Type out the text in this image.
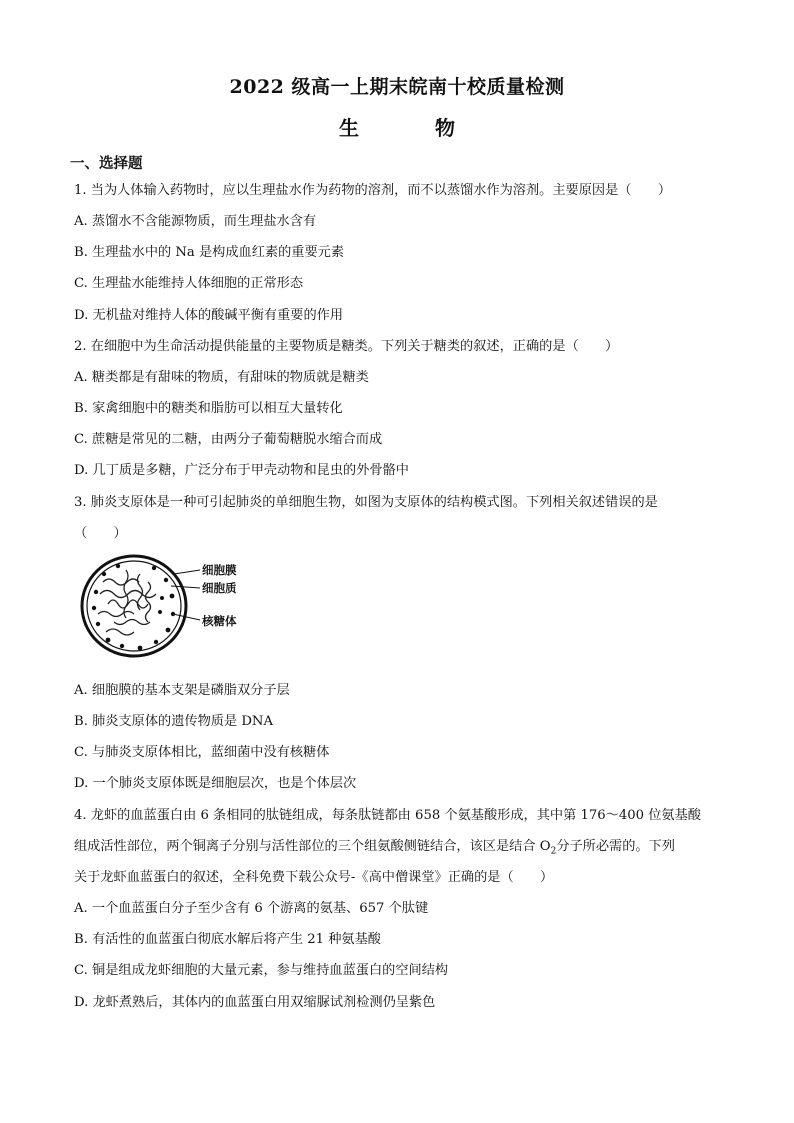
2022 级高一上期末皖南十校质量检测
生　物
一、选择题
1. 当为人体输入药物时，应以生理盐水作为药物的溶剂，而不以蒸馏水作为溶剂。主要原因是（　　）
A. 蒸馏水不含能源物质，而生理盐水含有
B. 生理盐水中的 Na 是构成血红素的重要元素
C. 生理盐水能维持人体细胞的正常形态
D. 无机盐对维持人体的酸碱平衡有重要的作用
2. 在细胞中为生命活动提供能量的主要物质是糖类。下列关于糖类的叙述，正确的是（　　）
A. 糖类都是有甜味的物质，有甜味的物质就是糖类
B. 家禽细胞中的糖类和脂肪可以相互大量转化
C. 蔗糖是常见的二糖，由两分子葡萄糖脱水缩合而成
D. 几丁质是多糖，广泛分布于甲壳动物和昆虫的外骨骼中
3. 肺炎支原体是一种可引起肺炎的单细胞生物，如图为支原体的结构模式图。下列相关叙述错误的是
（　　）
细胞膜
细胞质
核糖体
A. 细胞膜的基本支架是磷脂双分子层
B. 肺炎支原体的遗传物质是 DNA
C. 与肺炎支原体相比，蓝细菌中没有核糖体
D. 一个肺炎支原体既是细胞层次，也是个体层次
4. 龙虾的血蓝蛋白由 6 条相同的肽链组成，每条肽链都由 658 个氨基酸形成，其中第 176～400 位氨基酸
组成活性部位，两个铜离子分别与活性部位的三个组氨酸侧链结合，该区是结合 $O_2$分子所必需的。下列
关于龙虾血蓝蛋白的叙述，全科免费下载公众号-《高中僧课堂》正确的是（　　）
A. 一个血蓝蛋白分子至少含有 6 个游离的氨基、657 个肽键
B. 有活性的血蓝蛋白彻底水解后将产生 21 种氨基酸
C. 铜是组成龙虾细胞的大量元素，参与维持血蓝蛋白的空间结构
D. 龙虾煮熟后，其体内的血蓝蛋白用双缩脲试剂检测仍呈紫色
